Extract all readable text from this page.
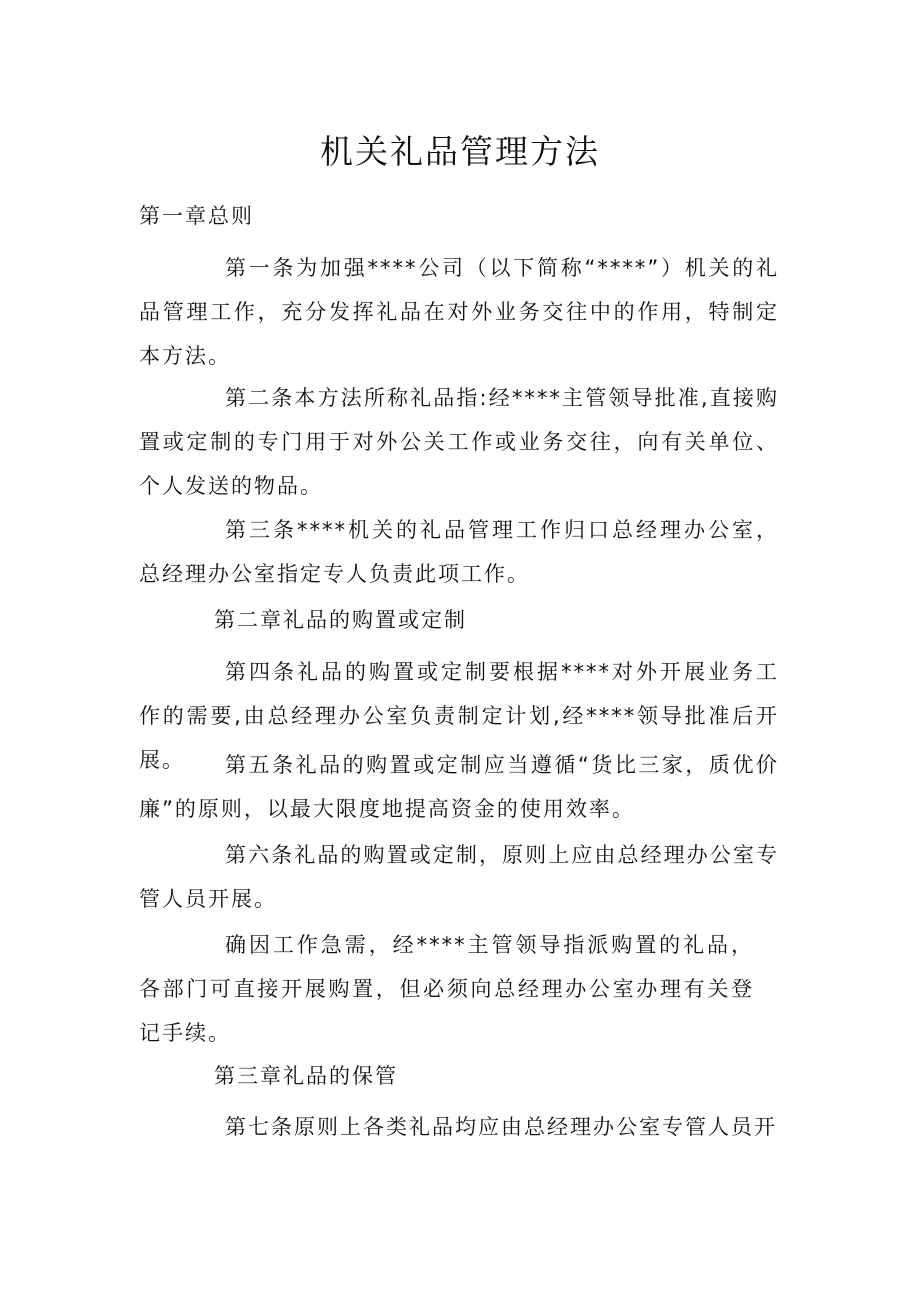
机关礼品管理方法
第一章总则
第一条为加强****公司（以下简称“****”）机关的礼品管理工作，充分发挥礼品在对外业务交往中的作用，特制定本方法。
第二条本方法所称礼品指:经****主管领导批准,直接购置或定制的专门用于对外公关工作或业务交往，向有关单位、个人发送的物品。
第三条****机关的礼品管理工作归口总经理办公室，总经理办公室指定专人负责此项工作。
第二章礼品的购置或定制
第四条礼品的购置或定制要根据****对外开展业务工作的需要,由总经理办公室负责制定计划,经****领导批准后开展。	第五条礼品的购置或定制应当遵循“货比三家，质优价廉”的原则，以最大限度地提高资金的使用效率。
第六条礼品的购置或定制，原则上应由总经理办公室专管人员开展。
确因工作急需，经****主管领导指派购置的礼品，各部门可直接开展购置，但必须向总经理办公室办理有关登记手续。
第三章礼品的保管
第七条原则上各类礼品均应由总经理办公室专管人员开
